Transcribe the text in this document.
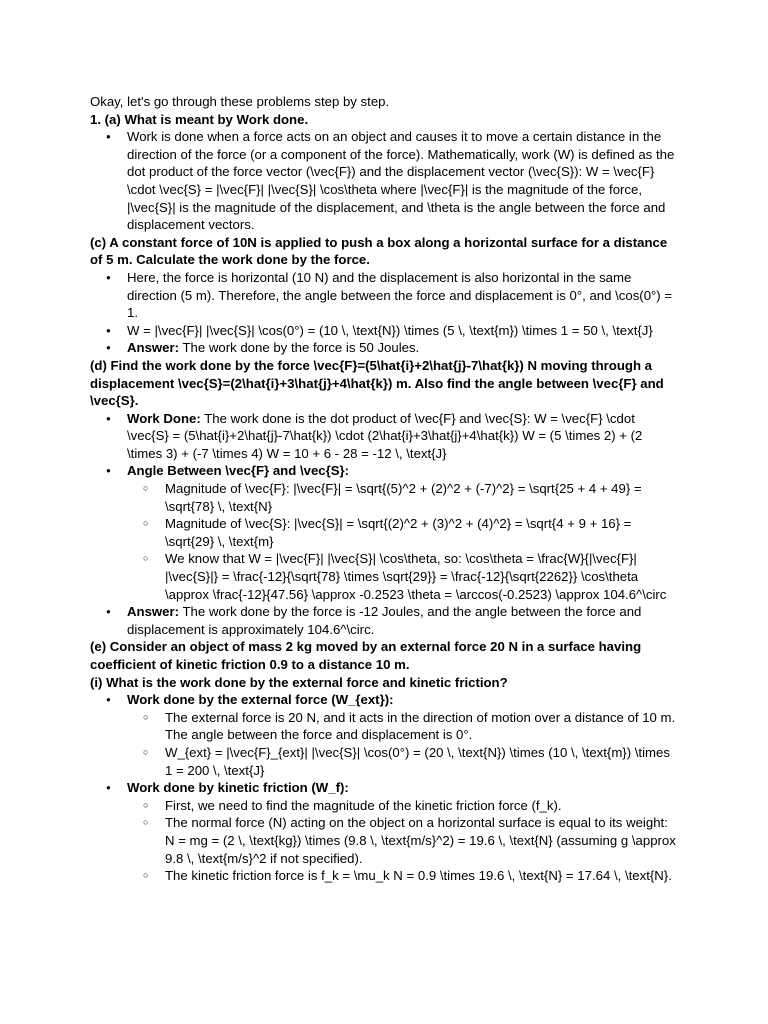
Okay, let's go through these problems step by step.

1. (a) What is meant by Work done.

● Work is done when a force acts on an object and causes it to move a certain distance in the direction of the force (or a component of the force). Mathematically, work (W) is defined as the dot product of the force vector (\vec{F}) and the displacement vector (\vec{S}): W = \vec{F} \cdot \vec{S} = |\vec{F}| |\vec{S}| \cos\theta where |\vec{F}| is the magnitude of the force, |\vec{S}| is the magnitude of the displacement, and \theta is the angle between the force and displacement vectors.

(c) A constant force of 10N is applied to push a box along a horizontal surface for a distance of 5 m. Calculate the work done by the force.

● Here, the force is horizontal (10 N) and the displacement is also horizontal in the same direction (5 m). Therefore, the angle between the force and displacement is 0°, and \cos(0°) = 1.
● W = |\vec{F}| |\vec{S}| \cos(0°) = (10 \, \text{N}) \times (5 \, \text{m}) \times 1 = 50 \, \text{J}
● Answer: The work done by the force is 50 Joules.

(d) Find the work done by the force \vec{F}=(5\hat{i}+2\hat{j}-7\hat{k}) N moving through a displacement \vec{S}=(2\hat{i}+3\hat{j}+4\hat{k}) m. Also find the angle between \vec{F} and \vec{S}.

● Work Done: The work done is the dot product of \vec{F} and \vec{S}: W = \vec{F} \cdot \vec{S} = (5\hat{i}+2\hat{j}-7\hat{k}) \cdot (2\hat{i}+3\hat{j}+4\hat{k}) W = (5 \times 2) + (2 \times 3) + (-7 \times 4) W = 10 + 6 - 28 = -12 \, \text{J}
● Angle Between \vec{F} and \vec{S}:
○ Magnitude of \vec{F}: |\vec{F}| = \sqrt{(5)^2 + (2)^2 + (-7)^2} = \sqrt{25 + 4 + 49} = \sqrt{78} \, \text{N}
○ Magnitude of \vec{S}: |\vec{S}| = \sqrt{(2)^2 + (3)^2 + (4)^2} = \sqrt{4 + 9 + 16} = \sqrt{29} \, \text{m}
○ We know that W = |\vec{F}| |\vec{S}| \cos\theta, so: \cos\theta = \frac{W}{|\vec{F}| |\vec{S}|} = \frac{-12}{\sqrt{78} \times \sqrt{29}} = \frac{-12}{\sqrt{2262}} \cos\theta \approx \frac{-12}{47.56} \approx -0.2523 \theta = \arccos(-0.2523) \approx 104.6^\circ
● Answer: The work done by the force is -12 Joules, and the angle between the force and displacement is approximately 104.6^\circ.

(e) Consider an object of mass 2 kg moved by an external force 20 N in a surface having coefficient of kinetic friction 0.9 to a distance 10 m.

(i) What is the work done by the external force and kinetic friction?

● Work done by the external force (W_{ext}):
○ The external force is 20 N, and it acts in the direction of motion over a distance of 10 m. The angle between the force and displacement is 0°.
○ W_{ext} = |\vec{F}_{ext}| |\vec{S}| \cos(0°) = (20 \, \text{N}) \times (10 \, \text{m}) \times 1 = 200 \, \text{J}
● Work done by kinetic friction (W_f):
○ First, we need to find the magnitude of the kinetic friction force (f_k).
○ The normal force (N) acting on the object on a horizontal surface is equal to its weight: N = mg = (2 \, \text{kg}) \times (9.8 \, \text{m/s}^2) = 19.6 \, \text{N} (assuming g \approx 9.8 \, \text{m/s}^2 if not specified).
○ The kinetic friction force is f_k = \mu_k N = 0.9 \times 19.6 \, \text{N} = 17.64 \, \text{N}.
